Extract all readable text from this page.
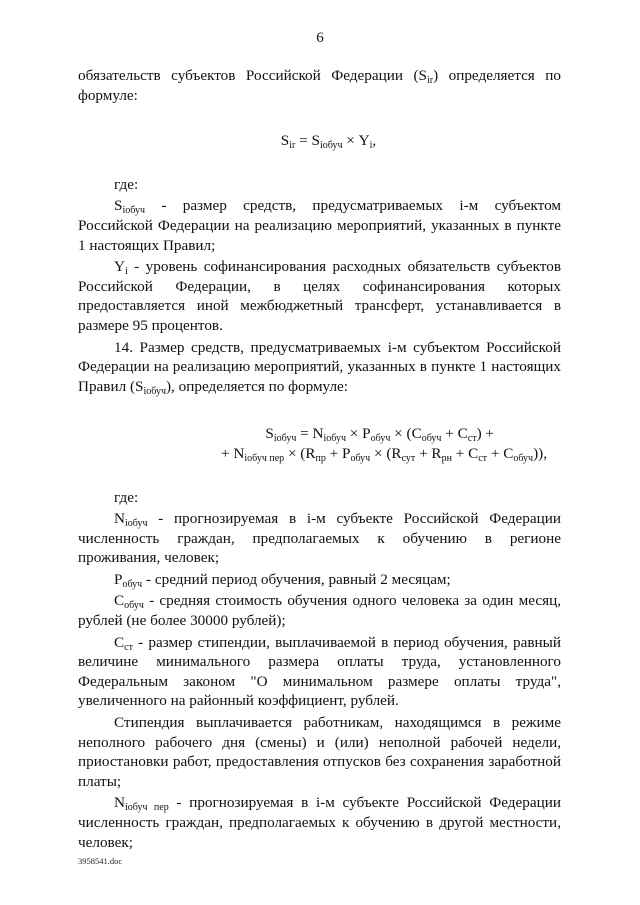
6

обязательств субъектов Российской Федерации $(S_{ir})$ определяется по формуле:

$S_{ir} = S_{iобуч} \times Y_i$,

где:

$S_{iобуч}$ - размер средств, предусматриваемых i-м субъектом Российской Федерации на реализацию мероприятий, указанных в пункте 1 настоящих Правил;

$Y_i$ - уровень софинансирования расходных обязательств субъектов Российской Федерации, в целях софинансирования которых предоставляется иной межбюджетный трансферт, устанавливается в размере 95 процентов.

14. Размер средств, предусматриваемых i-м субъектом Российской Федерации на реализацию мероприятий, указанных в пункте 1 настоящих Правил $(S_{iобуч})$, определяется по формуле:

$S_{iобуч} = N_{iобуч} \times P_{обуч} \times (C_{обуч} + C_{ст})$ +
+ $N_{iобуч пер} \times (R_{пр} + P_{обуч} \times (R_{сут} + R_{рн} + C_{ст} + C_{обуч}))$,

где:

$N_{iобуч}$ - прогнозируемая в i-м субъекте Российской Федерации численность граждан, предполагаемых к обучению в регионе проживания, человек;

$P_{обуч}$ - средний период обучения, равный 2 месяцам;

$C_{обуч}$ - средняя стоимость обучения одного человека за один месяц, рублей (не более 30000 рублей);

$C_{ст}$ - размер стипендии, выплачиваемой в период обучения, равный величине минимального размера оплаты труда, установленного Федеральным законом "О минимальном размере оплаты труда", увеличенного на районный коэффициент, рублей.

Стипендия выплачивается работникам, находящимся в режиме неполного рабочего дня (смены) и (или) неполной рабочей недели, приостановки работ, предоставления отпусков без сохранения заработной платы;

$N_{iобуч пер}$ - прогнозируемая в i-м субъекте Российской Федерации численность граждан, предполагаемых к обучению в другой местности, человек;

3958541.doc
